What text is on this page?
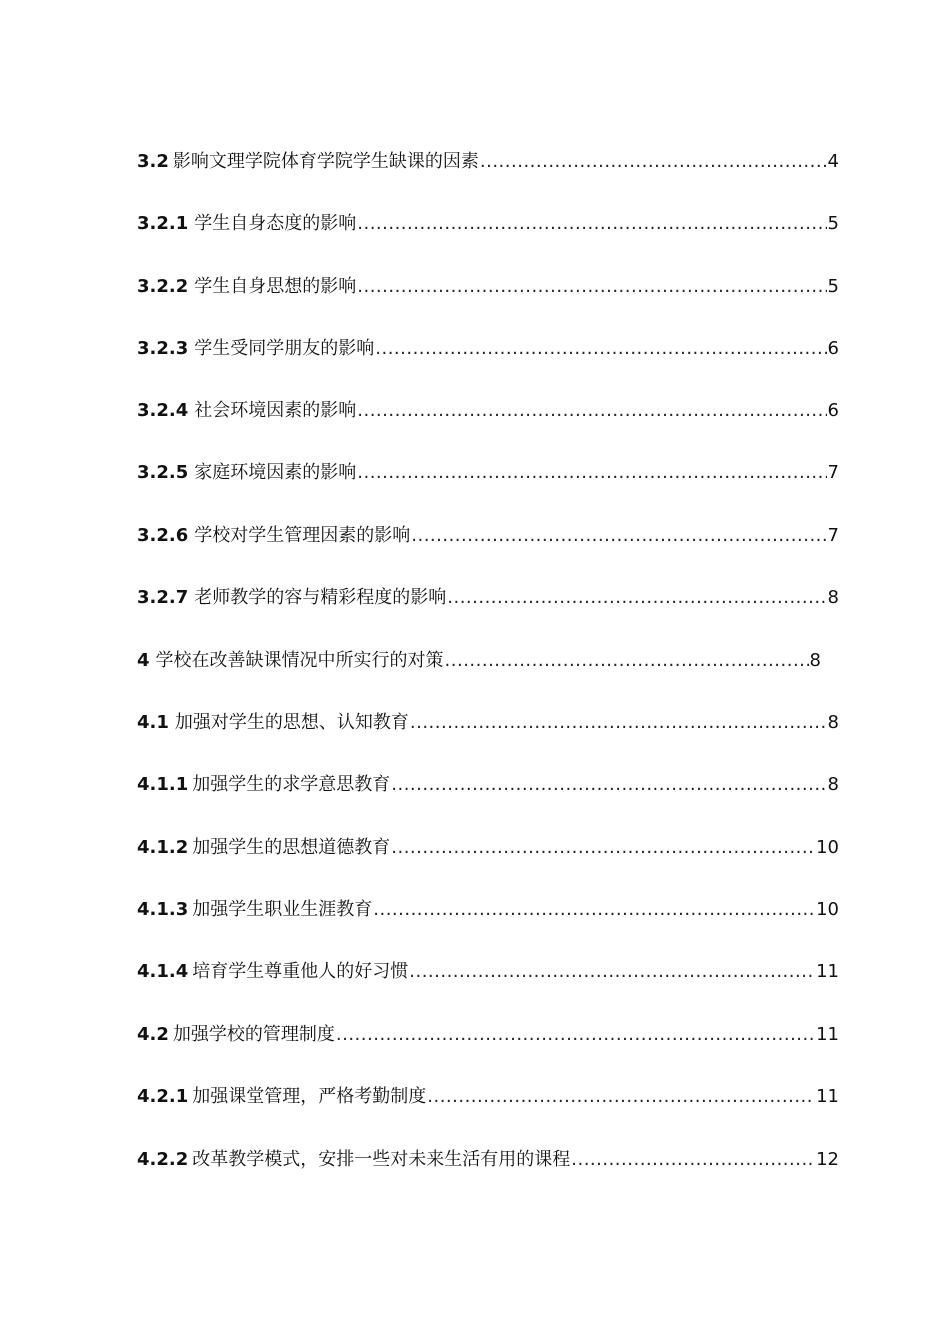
3.2 影响文理学院体育学院学生缺课的因素 .....	4
3.2.1 学生自身态度的影响 .....	5
3.2.2 学生自身思想的影响 .....	5
3.2.3 学生受同学朋友的影响 .....	6
3.2.4 社会环境因素的影响 .....	6
3.2.5 家庭环境因素的影响 .....	7
3.2.6 学校对学生管理因素的影响 .....	7
3.2.7 老师教学的容与精彩程度的影响 .....	8
4 学校在改善缺课情况中所实行的对策 .....	8
4.1 加强对学生的思想、认知教育 .....	8
4.1.1 加强学生的求学意思教育 .....	8
4.1.2 加强学生的思想道德教育 .....	10
4.1.3 加强学生职业生涯教育 .....	10
4.1.4 培育学生尊重他人的好习惯 .....	11
4.2 加强学校的管理制度 .....	11
4.2.1 加强课堂管理，严格考勤制度 .....	11
4.2.2 改革教学模式，安排一些对未来生活有用的课程 .....	12
